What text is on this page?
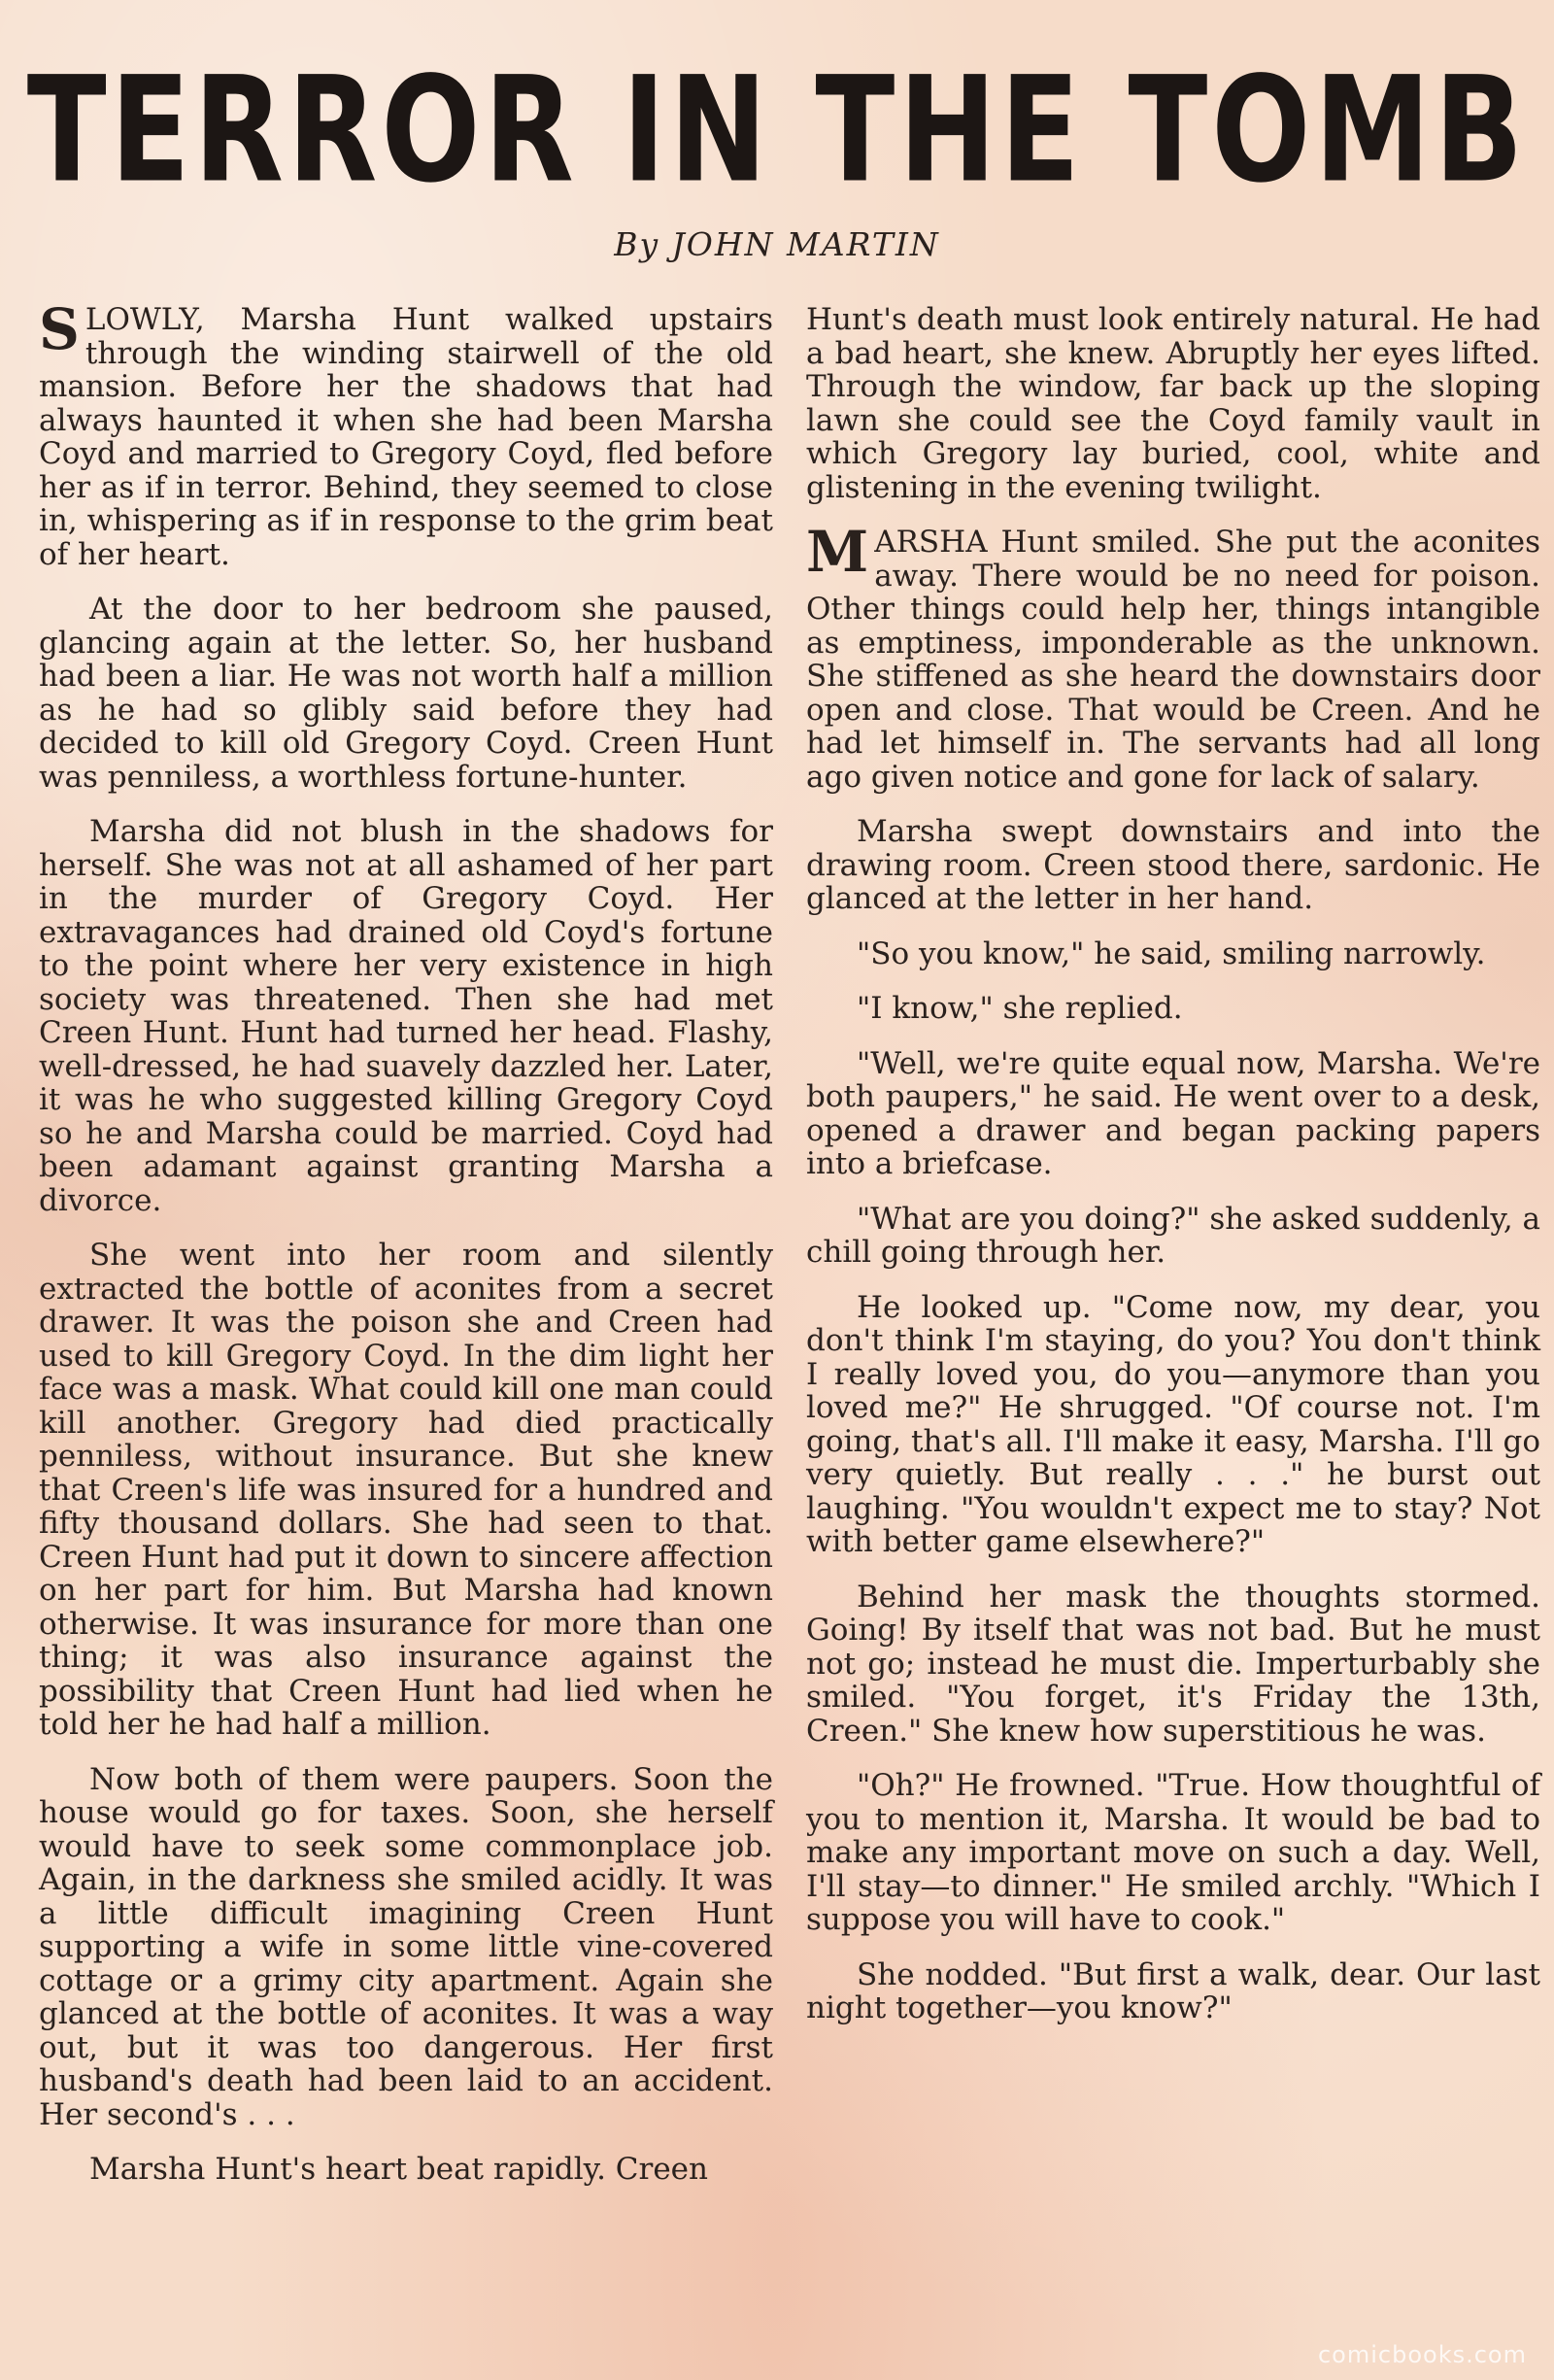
TERROR IN THE TOMB
By JOHN MARTIN

SLOWLY, Marsha Hunt walked upstairs through the winding stairwell of the old mansion. Before her the shadows that had always haunted it when she had been Marsha Coyd and married to Gregory Coyd, fled before her as if in terror. Behind, they seemed to close in, whispering as if in response to the grim beat of her heart.

At the door to her bedroom she paused, glancing again at the letter. So, her husband had been a liar. He was not worth half a million as he had so glibly said before they had decided to kill old Gregory Coyd. Creen Hunt was penniless, a worthless fortune-hunter.

Marsha did not blush in the shadows for herself. She was not at all ashamed of her part in the murder of Gregory Coyd. Her extravagances had drained old Coyd's fortune to the point where her very existence in high society was threatened. Then she had met Creen Hunt. Hunt had turned her head. Flashy, well-dressed, he had suavely dazzled her. Later, it was he who suggested killing Gregory Coyd so he and Marsha could be married. Coyd had been adamant against granting Marsha a divorce.

She went into her room and silently extracted the bottle of aconites from a secret drawer. It was the poison she and Creen had used to kill Gregory Coyd. In the dim light her face was a mask. What could kill one man could kill another. Gregory had died practically penniless, without insurance. But she knew that Creen's life was insured for a hundred and fifty thousand dollars. She had seen to that. Creen Hunt had put it down to sincere affection on her part for him. But Marsha had known otherwise. It was insurance for more than one thing; it was also insurance against the possibility that Creen Hunt had lied when he told her he had half a million.

Now both of them were paupers. Soon the house would go for taxes. Soon, she herself would have to seek some commonplace job. Again, in the darkness she smiled acidly. It was a little difficult imagining Creen Hunt supporting a wife in some little vine-covered cottage or a grimy city apartment. Again she glanced at the bottle of aconites. It was a way out, but it was too dangerous. Her first husband's death had been laid to an accident. Her second's . . .

Marsha Hunt's heart beat rapidly. Creen

Hunt's death must look entirely natural. He had a bad heart, she knew. Abruptly her eyes lifted. Through the window, far back up the sloping lawn she could see the Coyd family vault in which Gregory lay buried, cool, white and glistening in the evening twilight.

MARSHA Hunt smiled. She put the aconites away. There would be no need for poison. Other things could help her, things intangible as emptiness, imponderable as the unknown. She stiffened as she heard the downstairs door open and close. That would be Creen. And he had let himself in. The servants had all long ago given notice and gone for lack of salary.

Marsha swept downstairs and into the drawing room. Creen stood there, sardonic. He glanced at the letter in her hand.

"So you know," he said, smiling narrowly.

"I know," she replied.

"Well, we're quite equal now, Marsha. We're both paupers," he said. He went over to a desk, opened a drawer and began packing papers into a briefcase.

"What are you doing?" she asked suddenly, a chill going through her.

He looked up. "Come now, my dear, you don't think I'm staying, do you? You don't think I really loved you, do you—anymore than you loved me?" He shrugged. "Of course not. I'm going, that's all. I'll make it easy, Marsha. I'll go very quietly. But really . . ." he burst out laughing. "You wouldn't expect me to stay? Not with better game elsewhere?"

Behind her mask the thoughts stormed. Going! By itself that was not bad. But he must not go; instead he must die. Imperturbably she smiled. "You forget, it's Friday the 13th, Creen." She knew how superstitious he was.

"Oh?" He frowned. "True. How thoughtful of you to mention it, Marsha. It would be bad to make any important move on such a day. Well, I'll stay—to dinner." He smiled archly. "Which I suppose you will have to cook."

She nodded. "But first a walk, dear. Our last night together—you know?"

comicbooks.com
